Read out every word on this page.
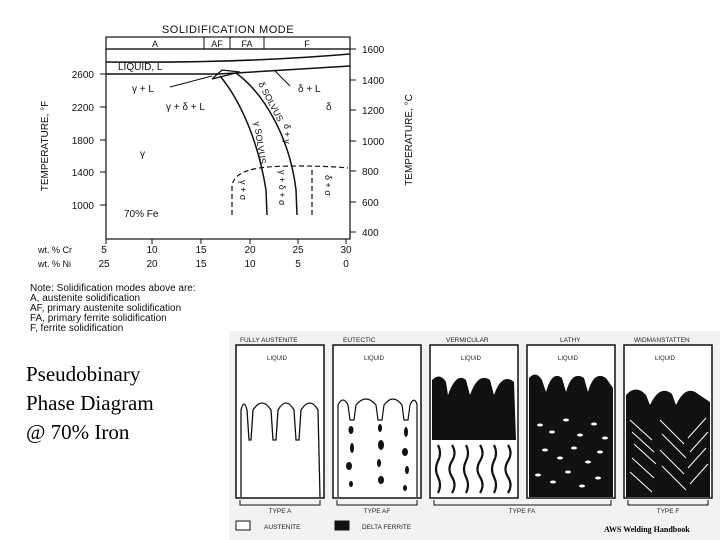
SOLIDIFICATION MODE
A	AF FA	F
2600
2200
1800
1400
1000
TEMPERATURE, °F
1600
1400
1200
1000
800
600
400
TEMPERATURE, °C
wt. % Cr
wt. % Ni
5	10	15	20	25	30
25	20	15	10	5	0
LIQUID, L
γ + L
γ + δ + L
δ + L
δ SOLVUS
γ SOLVUS δ + γ
δ
γ
γ + σ	γ + δ + σ	δ + σ
70% Fe
Note: Solidification modes above are:
A, austenite solidification
AF, primary austenite solidification
FA, primary ferrite solidification
F, ferrite solidification
FULLY AUSTENITE
LIQUID
EUTECTIC
LIQUID
VERMICULAR
LIQUID
LATHY
LIQUID
WIDMANSTATTEN
LIQUID
TYPE A	TYPE AF	TYPE FA	TYPE F
AUSTENITE	DELTA FERRITE
Pseudobinary
Phase Diagram
@ 70% Iron
AWS Welding Handbook
